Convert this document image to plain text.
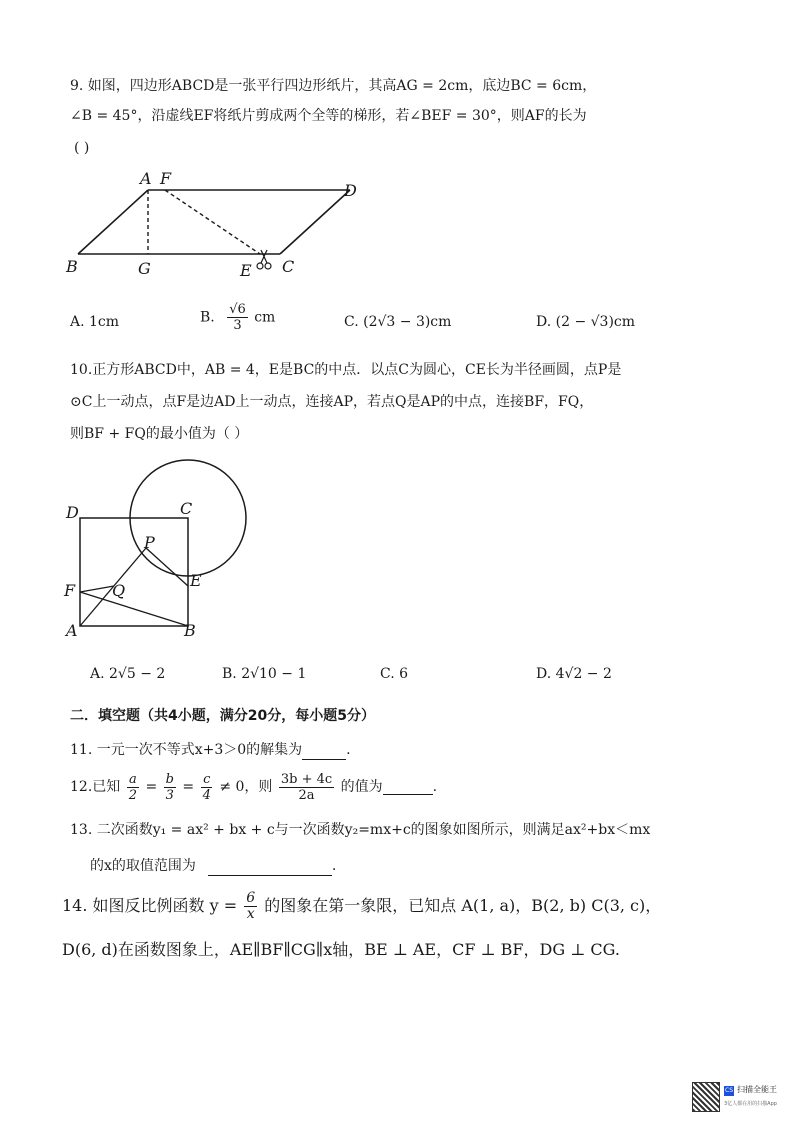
9. 如图，四边形ABCD是一张平行四边形纸片，其高AG = 2cm，底边BC = 6cm，
∠B = 45°，沿虚线EF将纸片剪成两个全等的梯形，若∠BEF = 30°，则AF的长为
( )
A F
D
B	G	E C
A. 1cm	B. $\frac{√6}{3}$ cm	C. (2√3 − 3)cm	D. (2 − √3)cm
10.正方形ABCD中，AB = 4，E是BC的中点．以点C为圆心，CE长为半径画圆，点P是
⊙C上一动点，点F是边AD上一动点，连接AP，若点Q是AP的中点，连接BF，FQ，
则BF + FQ的最小值为（ ）
D	C
P
E
F Q
A	B
A. 2√5 − 2	B. 2√10 − 1	C. 6	D. 4√2 − 2
二．填空题（共4小题，满分20分，每小题5分）
11. 一元一次不等式x+3＞0的解集为	.
12.已知 $\frac{a}{2} = \frac{b}{3} = \frac{c}{4} \ne 0$，则 $\frac{3b + 4c}{2a}$ 的值为	.
13. 二次函数y₁ = ax² + bx + c与一次函数y₂=mx+c的图象如图所示，则满足ax²+bx＜mx
的x的取值范围为	.
14. 如图反比例函数 $y = \frac{6}{x}$ 的图象在第一象限，已知点 A(1, a)，B(2, b) C(3, c)，
D(6, d)在函数图象上，AE∥BF∥CG∥x轴，BE ⊥ AE，CF ⊥ BF，DG ⊥ CG.
CS 扫描全能王
3亿人都在用的扫描App
